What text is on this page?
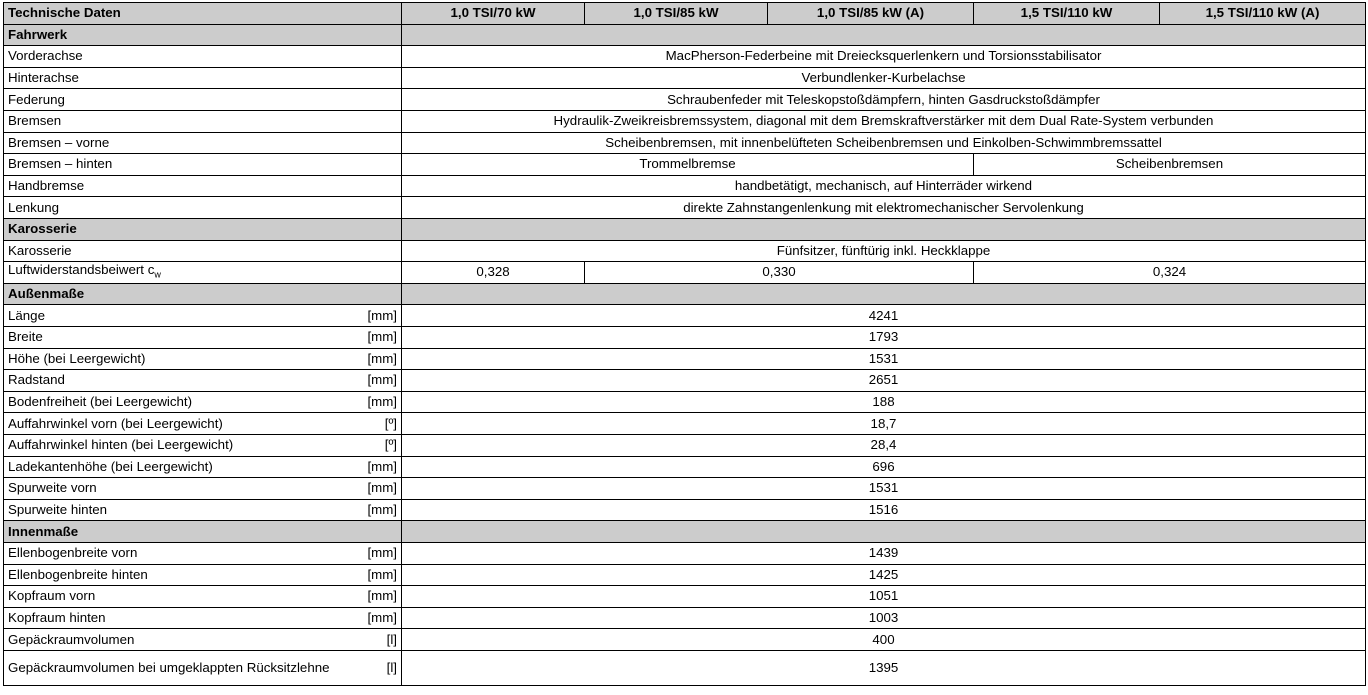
Technische Daten		1,0 TSI/70 kW	1,0 TSI/85 kW	1,0 TSI/85 kW (A)	1,5 TSI/110 kW	1,5 TSI/110 kW (A)
Fahrwerk						
Vorderachse		MacPherson-Federbeine mit Dreiecksquerlenkern und Torsionsstabilisator				
Hinterachse		Verbundlenker-Kurbelachse				
Federung		Schraubenfeder mit Teleskopstoßdämpfern, hinten Gasdruckstoßdämpfer				
Bremsen		Hydraulik-Zweikreisbremssystem, diagonal mit dem Bremskraftverstärker mit dem Dual Rate-System verbunden				
Bremsen – vorne		Scheibenbremsen, mit innenbelüfteten Scheibenbremsen und Einkolben-Schwimmbremssattel				
Bremsen – hinten		Trommelbremse			Scheibenbremsen	
Handbremse		handbetätigt, mechanisch, auf Hinterräder wirkend				
Lenkung		direkte Zahnstangenlenkung mit elektromechanischer Servolenkung				
Karosserie						
Karosserie		Fünfsitzer, fünftürig inkl. Heckklappe				
Luftwiderstandsbeiwert $c_w$		0,328	0,330		0,324	
Außenmaße						
Länge	[mm]	4241				
Breite	[mm]	1793				
Höhe (bei Leergewicht)	[mm]	1531				
Radstand	[mm]	2651				
Bodenfreiheit (bei Leergewicht)	[mm]	188				
Auffahrwinkel vorn (bei Leergewicht)	[º]	18,7				
Auffahrwinkel hinten (bei Leergewicht)	[º]	28,4				
Ladekantenhöhe (bei Leergewicht)	[mm]	696				
Spurweite vorn	[mm]	1531				
Spurweite hinten	[mm]	1516				
Innenmaße						
Ellenbogenbreite vorn	[mm]	1439				
Ellenbogenbreite hinten	[mm]	1425				
Kopfraum vorn	[mm]	1051				
Kopfraum hinten	[mm]	1003				
Gepäckraumvolumen	[l]	400				
Gepäckraumvolumen bei umgeklappten Rücksitzlehne	[l]	1395				
